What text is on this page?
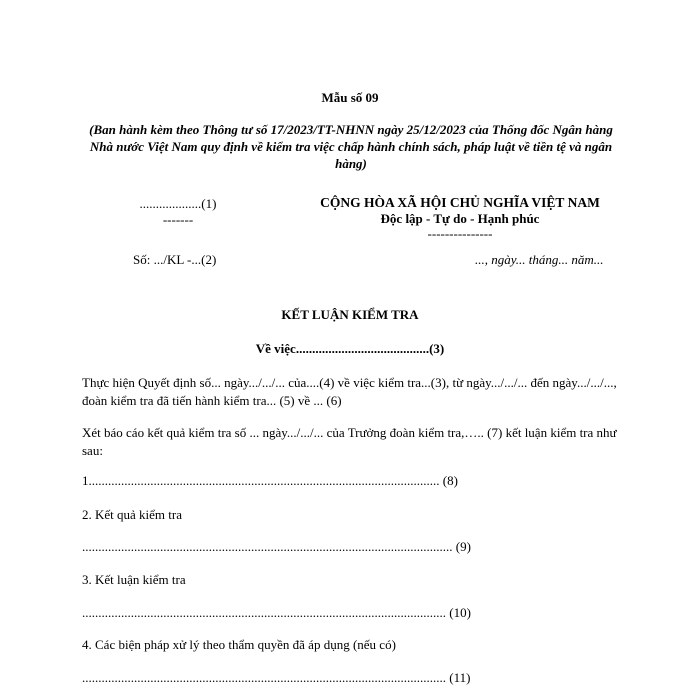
Mẫu số 09
(Ban hành kèm theo Thông tư số 17/2023/TT-NHNN ngày 25/12/2023 của Thống đốc Ngân hàng Nhà nước Việt Nam quy định về kiểm tra việc chấp hành chính sách, pháp luật về tiền tệ và ngân hàng)
...................(1)
-------
CỘNG HÒA XÃ HỘI CHỦ NGHĨA VIỆT NAM
Độc lập - Tự do - Hạnh phúc
---------------
Số: .../KL -...(2)	..., ngày... tháng... năm...
KẾT LUẬN KIỂM TRA
Về việc.........................................(3)
Thực hiện Quyết định số... ngày.../.../... của....(4) về việc kiểm tra...(3), từ ngày.../.../... đến ngày.../.../..., đoàn kiểm tra đã tiến hành kiểm tra... (5) về ... (6)
Xét báo cáo kết quả kiểm tra số ... ngày.../.../... của Trưởng đoàn kiểm tra,….. (7) kết luận kiểm tra như sau:
1............................................................................................................ (8)
2. Kết quả kiểm tra
.................................................................................................................. (9)
3. Kết luận kiểm tra
................................................................................................................ (10)
4. Các biện pháp xử lý theo thẩm quyền đã áp dụng (nếu có)
................................................................................................................ (11)
